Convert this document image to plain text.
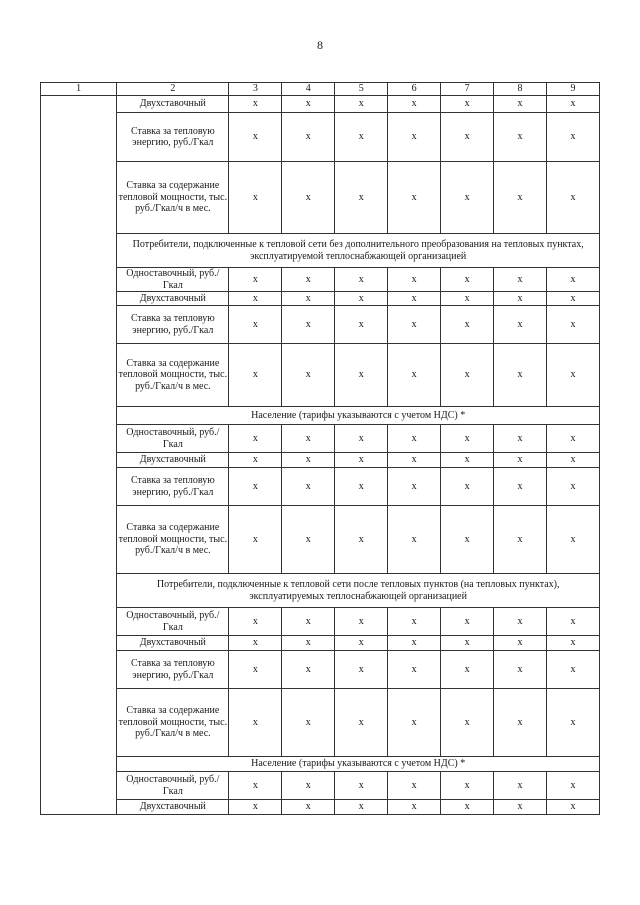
8
1	2	3	4	5	6	7	8	9
	Двухставочный	x	x	x	x	x	x	x
	Ставка за тепловую энергию, руб./Гкал	x	x	x	x	x	x	x
	Ставка за содержание тепловой мощности, тыс. руб./Гкал/ч в мес.	x	x	x	x	x	x	x
	Потребители, подключенные к тепловой сети без дополнительного преобразования на тепловых пунктах, эксплуатируемой теплоснабжающей организацией							
	Одноставочный, руб./Гкал	x	x	x	x	x	x	x
	Двухставочный	x	x	x	x	x	x	x
	Ставка за тепловую энергию, руб./Гкал	x	x	x	x	x	x	x
	Ставка за содержание тепловой мощности, тыс. руб./Гкал/ч в мес.	x	x	x	x	x	x	x
	Население (тарифы указываются с учетом НДС) *							
	Одноставочный, руб./Гкал	x	x	x	x	x	x	x
	Двухставочный	x	x	x	x	x	x	x
	Ставка за тепловую энергию, руб./Гкал	x	x	x	x	x	x	x
	Ставка за содержание тепловой мощности, тыс. руб./Гкал/ч в мес.	x	x	x	x	x	x	x
	Потребители, подключенные к тепловой сети после тепловых пунктов (на тепловых пунктах), эксплуатируемых теплоснабжающей организацией							
	Одноставочный, руб./Гкал	x	x	x	x	x	x	x
	Двухставочный	x	x	x	x	x	x	x
	Ставка за тепловую энергию, руб./Гкал	x	x	x	x	x	x	x
	Ставка за содержание тепловой мощности, тыс. руб./Гкал/ч в мес.	x	x	x	x	x	x	x
	Население (тарифы указываются с учетом НДС) *							
	Одноставочный, руб./Гкал	x	x	x	x	x	x	x
	Двухставочный	x	x	x	x	x	x	x
